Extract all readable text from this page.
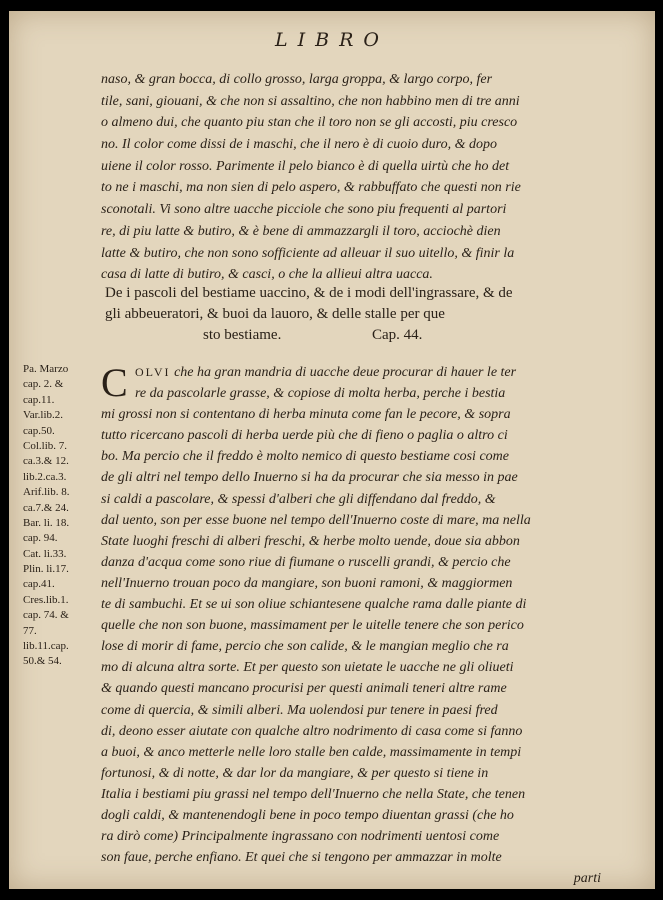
LIBRO
naso, & gran bocca, di collo grosso, larga groppa, & largo corpo, fer
tile, sani, giouani, & che non si assaltino, che non habbino men di tre anni
o almeno dui, che quanto piu stan che il toro non se gli accosti, piu cresco
no. Il color come dissi de i maschi, che il nero è di cuoio duro, & dopo
uiene il color rosso. Parimente il pelo bianco è di quella uirtù che ho det
to ne i maschi, ma non sien di pelo aspero, & rabbuffato che questi non rie
sconotali. Vi sono altre uacche picciole che sono piu frequenti al partori
re, di piu latte & butiro, & è bene di ammazzargli il toro, acciochè dien
latte & butiro, che non sono sofficiente ad alleuar il suo uitello, & finir la
casa di latte di butiro, & casci, o che la allieui altra uacca.
De i pascoli del bestiame uaccino, & de i modi dell'ingrassare, & de
gli abbeueratori, & buoi da lauoro, & delle stalle per que
sto bestiame.	Cap. 44.
Pa. Marzo
cap. 2. &
cap.11.
Var.lib.2.
cap.50.
Col.lib. 7.
ca.3.& 12.
lib.2.ca.3.
Arif.lib. 8.
ca.7.& 24.
Bar. li. 18.
cap. 94.
Cat. li.33.
Plin. li.17.
cap.41.
Cres.lib.1.
cap. 74. &
77.
lib.11.cap.
50.& 54.
C OLVI che ha gran mandria di uacche deue procurar di hauer le ter
re da pascolarle grasse, & copiose di molta herba, perche i bestia
mi grossi non si contentano di herba minuta come fan le pecore, & sopra
tutto ricercano pascoli di herba uerde più che di fieno o paglia o altro ci
bo. Ma percio che il freddo è molto nemico di questo bestiame cosi come
de gli altri nel tempo dello Inuerno si ha da procurar che sia messo in pae
si caldi a pascolare, & spessi d'alberi che gli diffendano dal freddo, &
dal uento, son per esse buone nel tempo dell'Inuerno coste di mare, ma nella
State luoghi freschi di alberi freschi, & herbe molto uende, doue sia abbon
danza d'acqua come sono riue di fiumane o ruscelli grandi, & percio che
nell'Inuerno trouan poco da mangiare, son buoni ramoni, & maggiormen
te di sambuchi. Et se ui son oliue schiantesene qualche rama dalle piante di
quelle che non son buone, massimament per le uitelle tenere che son perico
lose di morir di fame, percio che son calide, & le mangian meglio che ra
mo di alcuna altra sorte. Et per questo son uietate le uacche ne gli oliueti
& quando questi mancano procurisi per questi animali teneri altre rame
come di quercia, & simili alberi. Ma uolendosi pur tenere in paesi fred
di, deono esser aiutate con qualche altro nodrimento di casa come si fanno
a buoi, & anco metterle nelle loro stalle ben calde, massimamente in tempi
fortunosi, & di notte, & dar lor da mangiare, & per questo si tiene in
Italia i bestiami piu grassi nel tempo dell'Inuerno che nella State, che tenen
dogli caldi, & mantenendogli bene in poco tempo diuentan grassi (che ho
ra dirò come) Principalmente ingrassano con nodrimenti uentosi come
son faue, perche enfiano. Et quei che si tengono per ammazzar in molte
parti
